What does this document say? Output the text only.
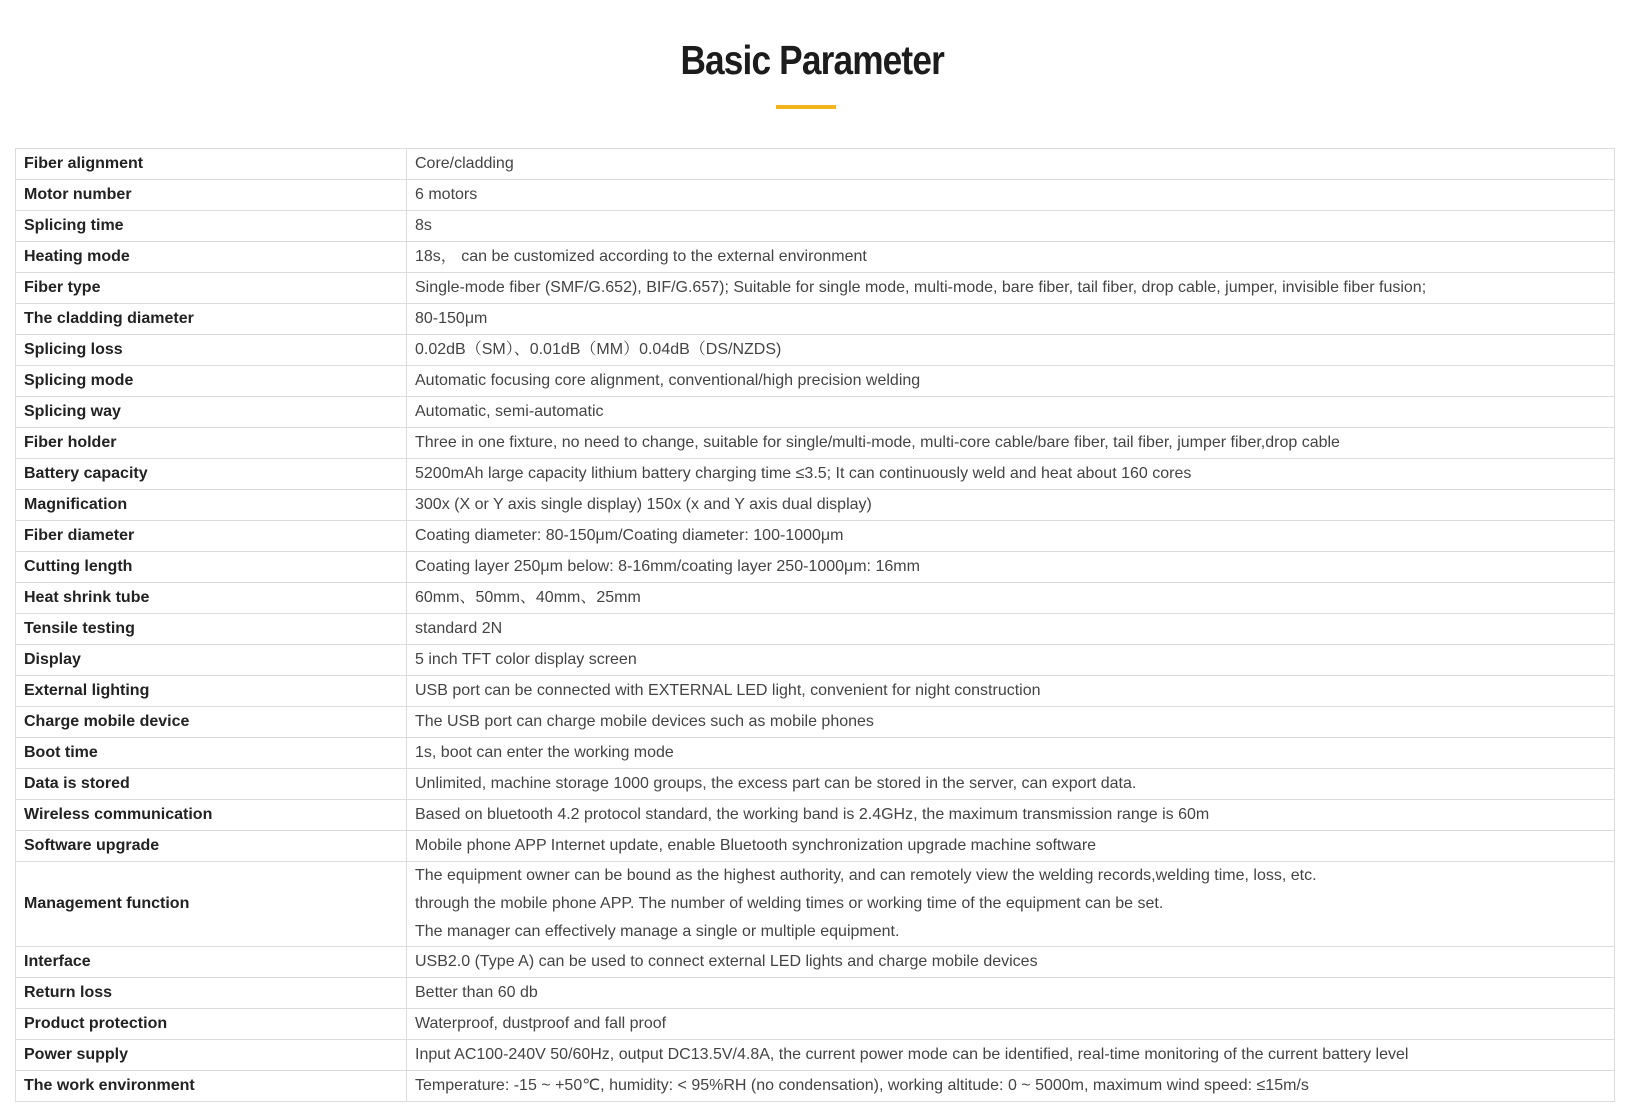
Basic Parameter
Fiber alignment	Core/cladding
Motor number	6 motors
Splicing time	8s
Heating mode	18s， can be customized according to the external environment
Fiber type	Single-mode fiber (SMF/G.652), BIF/G.657); Suitable for single mode, multi-mode, bare fiber, tail fiber, drop cable, jumper, invisible fiber fusion;
The cladding diameter	80-150μm
Splicing loss	0.02dB（SM）、0.01dB（MM）0.04dB（DS/NZDS)
Splicing mode	Automatic focusing core alignment, conventional/high precision welding
Splicing way	Automatic, semi-automatic
Fiber holder	Three in one fixture, no need to change, suitable for single/multi-mode, multi-core cable/bare fiber, tail fiber, jumper fiber,drop cable
Battery capacity	5200mAh large capacity lithium battery charging time ≤3.5; It can continuously weld and heat about 160 cores
Magnification	300x (X or Y axis single display) 150x (x and Y axis dual display)
Fiber diameter	Coating diameter: 80-150μm/Coating diameter: 100-1000μm
Cutting length	Coating layer 250μm below: 8-16mm/coating layer 250-1000μm: 16mm
Heat shrink tube	60mm、50mm、40mm、25mm
Tensile testing	standard 2N
Display	5 inch TFT color display screen
External lighting	USB port can be connected with EXTERNAL LED light, convenient for night construction
Charge mobile device	The USB port can charge mobile devices such as mobile phones
Boot time	1s, boot can enter the working mode
Data is stored	Unlimited, machine storage 1000 groups, the excess part can be stored in the server, can export data.
Wireless communication	Based on bluetooth 4.2 protocol standard, the working band is 2.4GHz, the maximum transmission range is 60m
Software upgrade	Mobile phone APP Internet update, enable Bluetooth synchronization upgrade machine software
Management function	The equipment owner can be bound as the highest authority, and can remotely view the welding records,welding time, loss, etc.
through the mobile phone APP. The number of welding times or working time of the equipment can be set.
The manager can effectively manage a single or multiple equipment.

Interface	USB2.0 (Type A) can be used to connect external LED lights and charge mobile devices
Return loss	Better than 60 db
Product protection	Waterproof, dustproof and fall proof
Power supply	Input AC100-240V 50/60Hz, output DC13.5V/4.8A, the current power mode can be identified, real-time monitoring of the current battery level
The work environment	Temperature: -15 ~ +50℃, humidity: < 95%RH (no condensation), working altitude: 0 ~ 5000m, maximum wind speed: ≤15m/s
